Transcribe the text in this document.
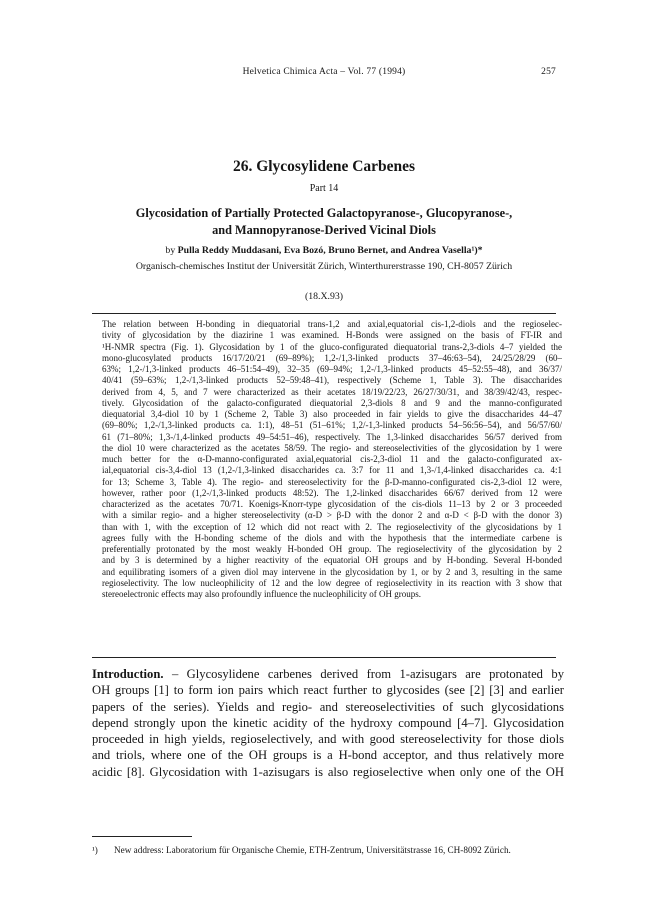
Helvetica Chimica Acta – Vol. 77 (1994)	257
26. Glycosylidene Carbenes
Part 14
Glycosidation of Partially Protected Galactopyranose-, Glucopyranose-,
and Mannopyranose-Derived Vicinal Diols
by Pulla Reddy Muddasani, Eva Bozó, Bruno Bernet, and Andrea Vasella¹)*
Organisch-chemisches Institut der Universität Zürich, Winterthurerstrasse 190, CH-8057 Zürich
(18.X.93)
The relation between H-bonding in diequatorial trans-1,2 and axial,equatorial cis-1,2-diols and the regioselec-
tivity of glycosidation by the diazirine 1 was examined. H-Bonds were assigned on the basis of FT-IR and
¹H-NMR spectra (Fig. 1). Glycosidation by 1 of the gluco-configurated diequatorial trans-2,3-diols 4–7 yielded the
mono-glucosylated products 16/17/20/21 (69–89%); 1,2-/1,3-linked products 37–46:63–54), 24/25/28/29 (60–
63%; 1,2-/1,3-linked products 46–51:54–49), 32–35 (69–94%; 1,2-/1,3-linked products 45–52:55–48), and 36/37/
40/41 (59–63%; 1,2-/1,3-linked products 52–59:48–41), respectively (Scheme 1, Table 3). The disaccharides
derived from 4, 5, and 7 were characterized as their acetates 18/19/22/23, 26/27/30/31, and 38/39/42/43, respec-
tively. Glycosidation of the galacto-configurated diequatorial 2,3-diols 8 and 9 and the manno-configurated
diequatorial 3,4-diol 10 by 1 (Scheme 2, Table 3) also proceeded in fair yields to give the disaccharides 44–47
(69–80%; 1,2-/1,3-linked products ca. 1:1), 48–51 (51–61%; 1,2/-1,3-linked products 54–56:56–54), and 56/57/60/
61 (71–80%; 1,3-/1,4-linked products 49–54:51–46), respectively. The 1,3-linked disaccharides 56/57 derived from
the diol 10 were characterized as the acetates 58/59. The regio- and stereoselectivities of the glycosidation by 1 were
much better for the α-D-manno-configurated axial,equatorial cis-2,3-diol 11 and the galacto-configurated ax-
ial,equatorial cis-3,4-diol 13 (1,2-/1,3-linked disaccharides ca. 3:7 for 11 and 1,3-/1,4-linked disaccharides ca. 4:1
for 13; Scheme 3, Table 4). The regio- and stereoselectivity for the β-D-manno-configurated cis-2,3-diol 12 were,
however, rather poor (1,2-/1,3-linked products 48:52). The 1,2-linked disaccharides 66/67 derived from 12 were
characterized as the acetates 70/71. Koenigs-Knorr-type glycosidation of the cis-diols 11–13 by 2 or 3 proceeded
with a similar regio- and a higher stereoselectivity (α-D > β-D with the donor 2 and α-D < β-D with the donor 3)
than with 1, with the exception of 12 which did not react with 2. The regioselectivity of the glycosidations by 1
agrees fully with the H-bonding scheme of the diols and with the hypothesis that the intermediate carbene is
preferentially protonated by the most weakly H-bonded OH group. The regioselectivity of the glycosidation by 2
and by 3 is determined by a higher reactivity of the equatorial OH groups and by H-bonding. Several H-bonded
and equilibrating isomers of a given diol may intervene in the glycosidation by 1, or by 2 and 3, resulting in the same
regioselectivity. The low nucleophilicity of 12 and the low degree of regioselectivity in its reaction with 3 show that
stereoelectronic effects may also profoundly influence the nucleophilicity of OH groups.
Introduction. – Glycosylidene carbenes derived from 1-azisugars are protonated by
OH groups [1] to form ion pairs which react further to glycosides (see [2] [3] and earlier
papers of the series). Yields and regio- and stereoselectivities of such glycosidations
depend strongly upon the kinetic acidity of the hydroxy compound [4–7]. Glycosidation
proceeded in high yields, regioselectively, and with good stereoselectivity for those diols
and triols, where one of the OH groups is a H-bond acceptor, and thus relatively more
acidic [8]. Glycosidation with 1-azisugars is also regioselective when only one of the OH
¹) New address: Laboratorium für Organische Chemie, ETH-Zentrum, Universitätstrasse 16, CH-8092 Zürich.
